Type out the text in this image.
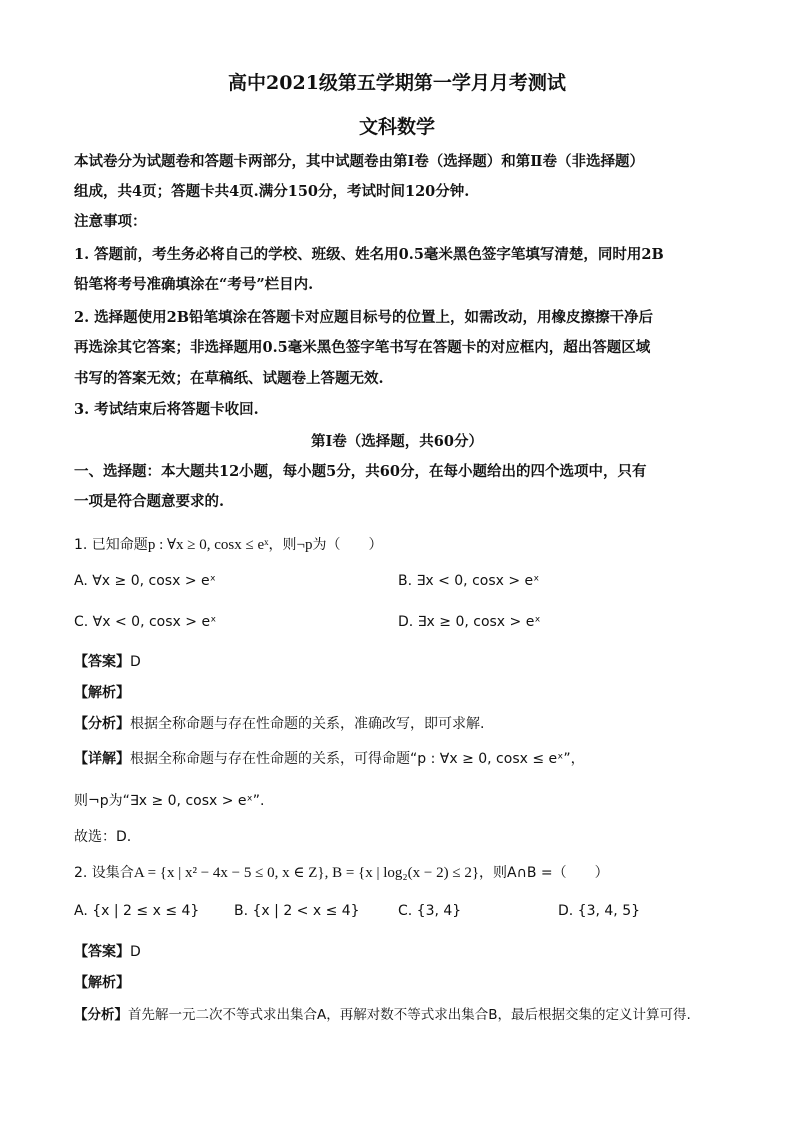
高中2021级第五学期第一学月月考测试
文科数学
本试卷分为试题卷和答题卡两部分，其中试题卷由第Ⅰ卷（选择题）和第Ⅱ卷（非选择题）
组成，共4页；答题卡共4页.满分150分，考试时间120分钟.
注意事项：
1. 答题前，考生务必将自己的学校、班级、姓名用0.5毫米黑色签字笔填写清楚，同时用2B
铅笔将考号准确填涂在“考号”栏目内.
2. 选择题使用2B铅笔填涂在答题卡对应题目标号的位置上，如需改动，用橡皮擦擦干净后
再选涂其它答案；非选择题用0.5毫米黑色签字笔书写在答题卡的对应框内，超出答题区域
书写的答案无效；在草稿纸、试题卷上答题无效.
3. 考试结束后将答题卡收回.
第Ⅰ卷（选择题，共60分）
一、选择题：本大题共12小题，每小题5分，共60分，在每小题给出的四个选项中，只有
一项是符合题意要求的.
1. 已知命题p : ∀x ≥ 0, cosx ≤ eˣ，则¬p为（　　）
A. ∀x ≥ 0, cosx > eˣ	B. ∃x < 0, cosx > eˣ
C. ∀x < 0, cosx > eˣ	D. ∃x ≥ 0, cosx > eˣ
【答案】D
【解析】
【分析】根据全称命题与存在性命题的关系，准确改写，即可求解.
【详解】根据全称命题与存在性命题的关系，可得命题“p : ∀x ≥ 0, cosx ≤ eˣ”，
则¬p为“∃x ≥ 0, cosx > eˣ”.
故选：D.
2. 设集合A = {x | x² − 4x − 5 ≤ 0, x ∈ Z}, B = {x | log₂(x − 2) ≤ 2}，则A∩B =（　　）
A. {x | 2 ≤ x ≤ 4} B. {x | 2 < x ≤ 4}	C. {3, 4}	D. {3, 4, 5}
【答案】D
【解析】
【分析】首先解一元二次不等式求出集合A，再解对数不等式求出集合B，最后根据交集的定义计算可得.
